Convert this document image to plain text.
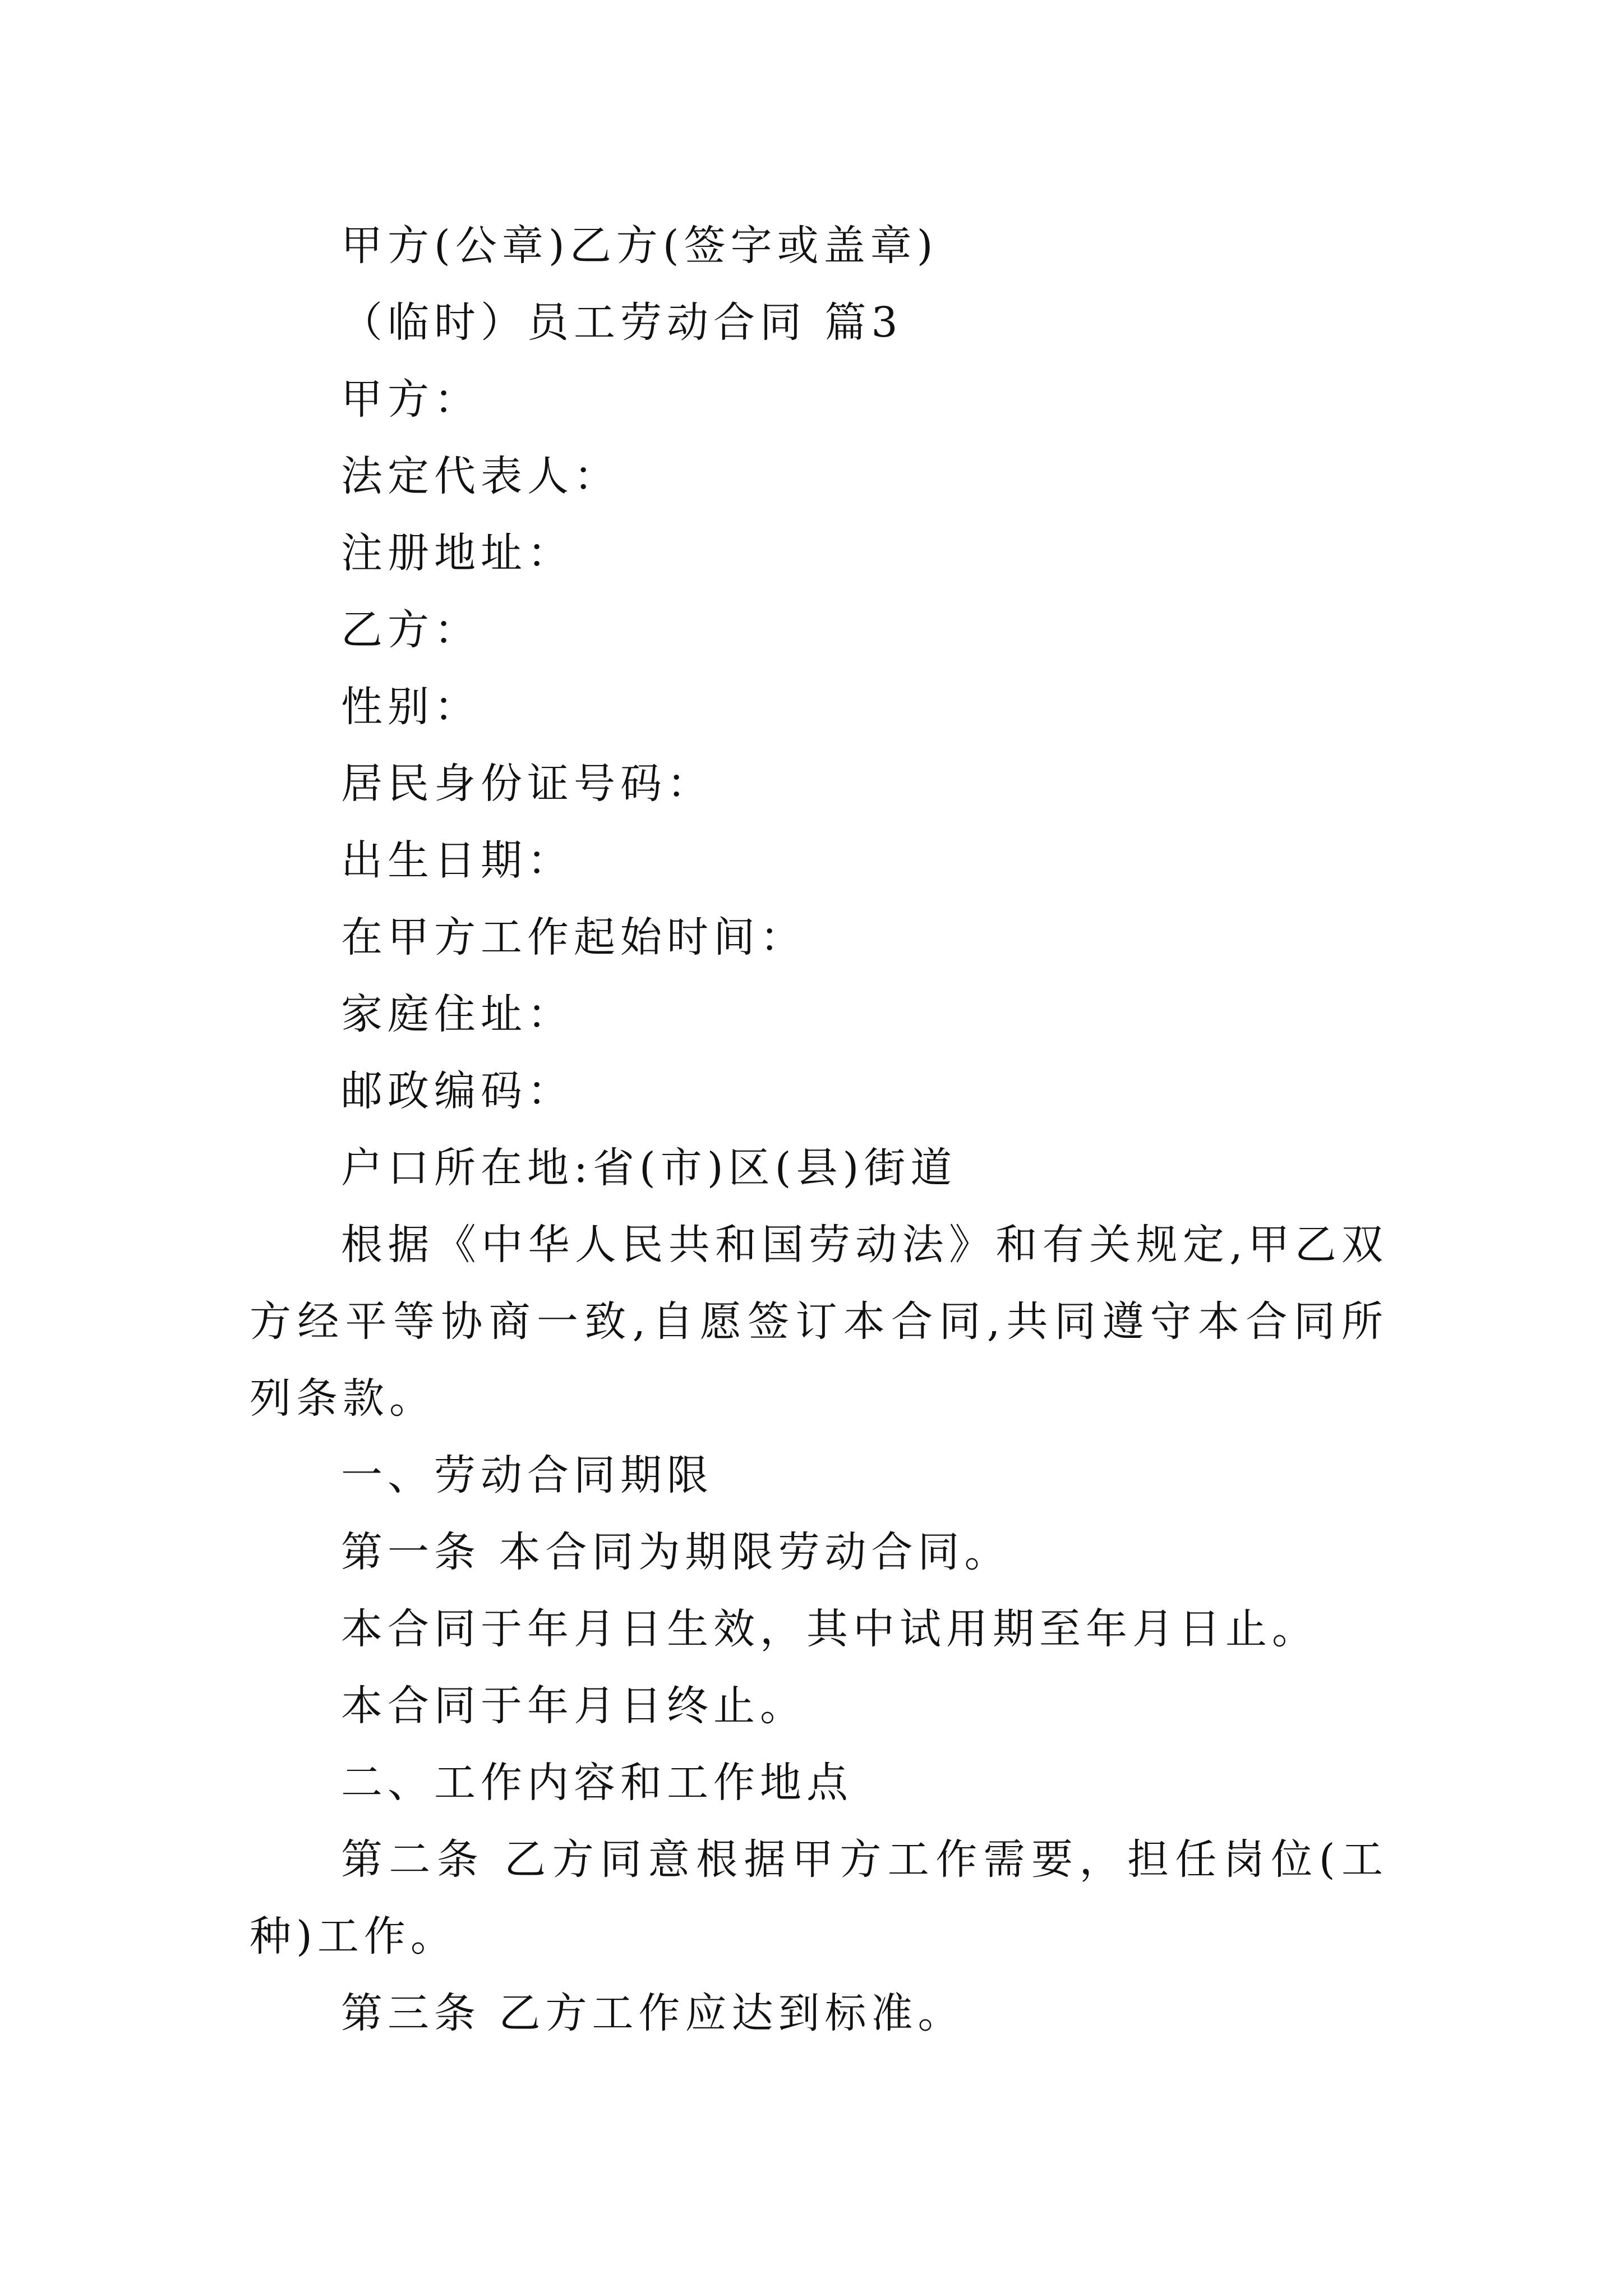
甲方(公章)乙方(签字或盖章)
（临时）员工劳动合同 篇3
甲方：
法定代表人：
注册地址：
乙方：
性别：
居民身份证号码：
出生日期：
在甲方工作起始时间：
家庭住址：
邮政编码：
户口所在地:省(市)区(县)街道

根据《中华人民共和国劳动法》和有关规定,甲乙双方经平等协商一致,自愿签订本合同,共同遵守本合同所列条款。

一、劳动合同期限
第一条 本合同为期限劳动合同。
本合同于年月日生效，其中试用期至年月日止。
本合同于年月日终止。
二、工作内容和工作地点

第二条 乙方同意根据甲方工作需要，担任岗位(工种)工作。

第三条 乙方工作应达到标准。
